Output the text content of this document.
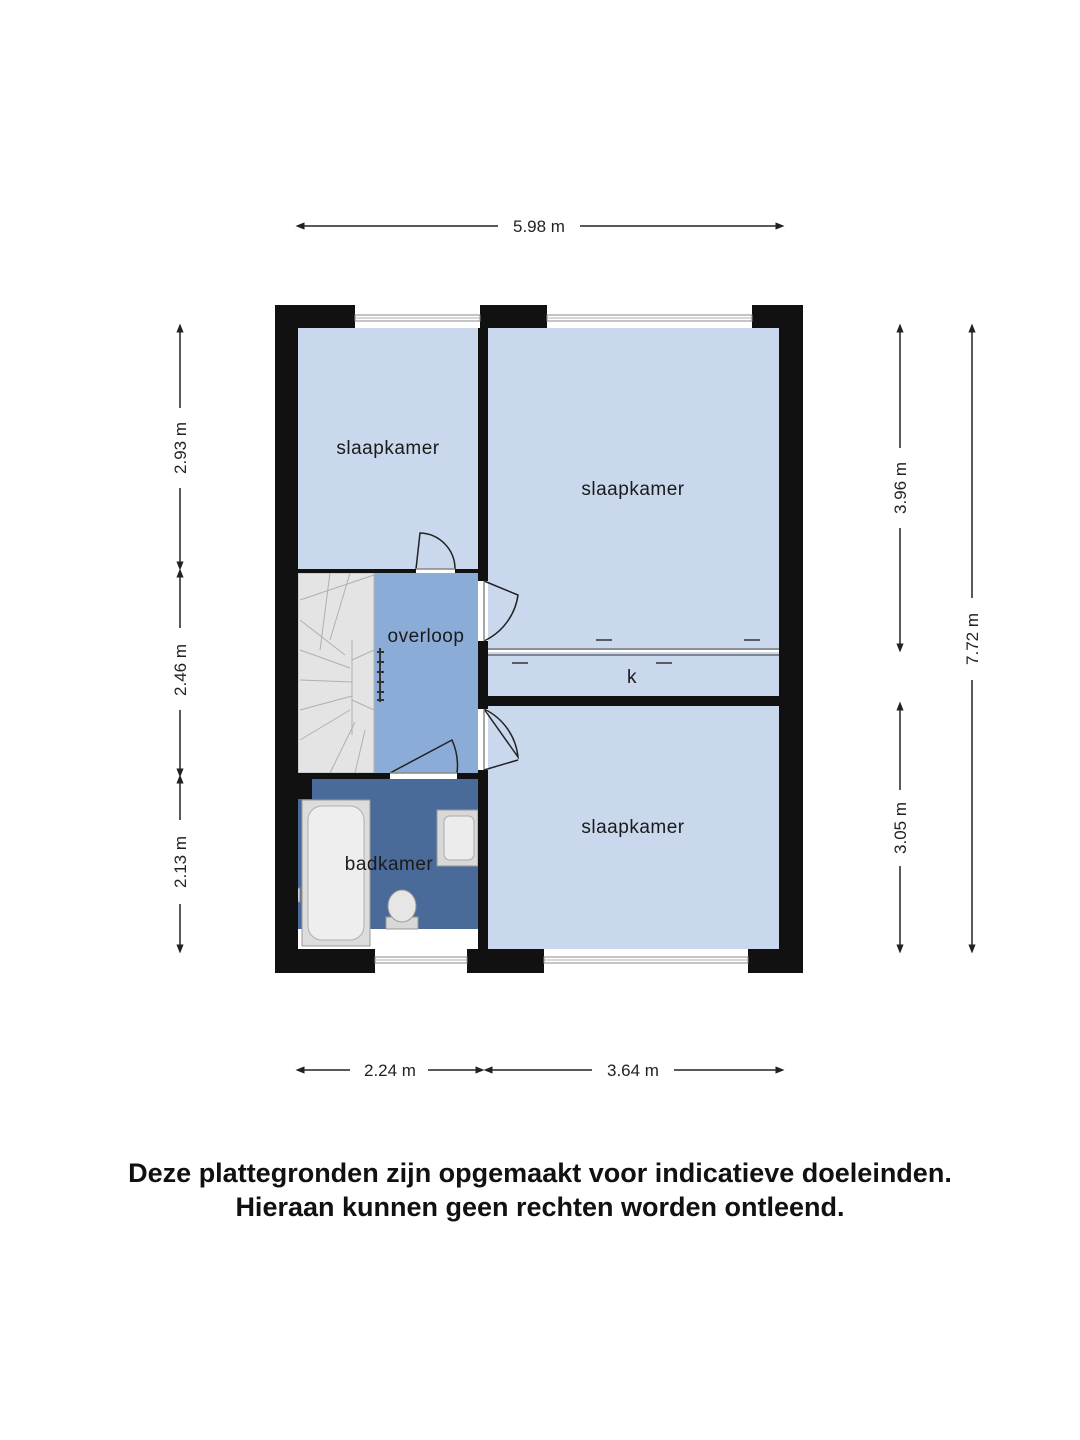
slaapkamer
slaapkamer
overloop
k
slaapkamer
badkamer
5.98 m
2.24 m	3.64 m
2.93 m
2.46 m
2.13 m
3.96 m
3.05 m
7.72 m
Deze plattegronden zijn opgemaakt voor indicatieve doeleinden.
Hieraan kunnen geen rechten worden ontleend.
